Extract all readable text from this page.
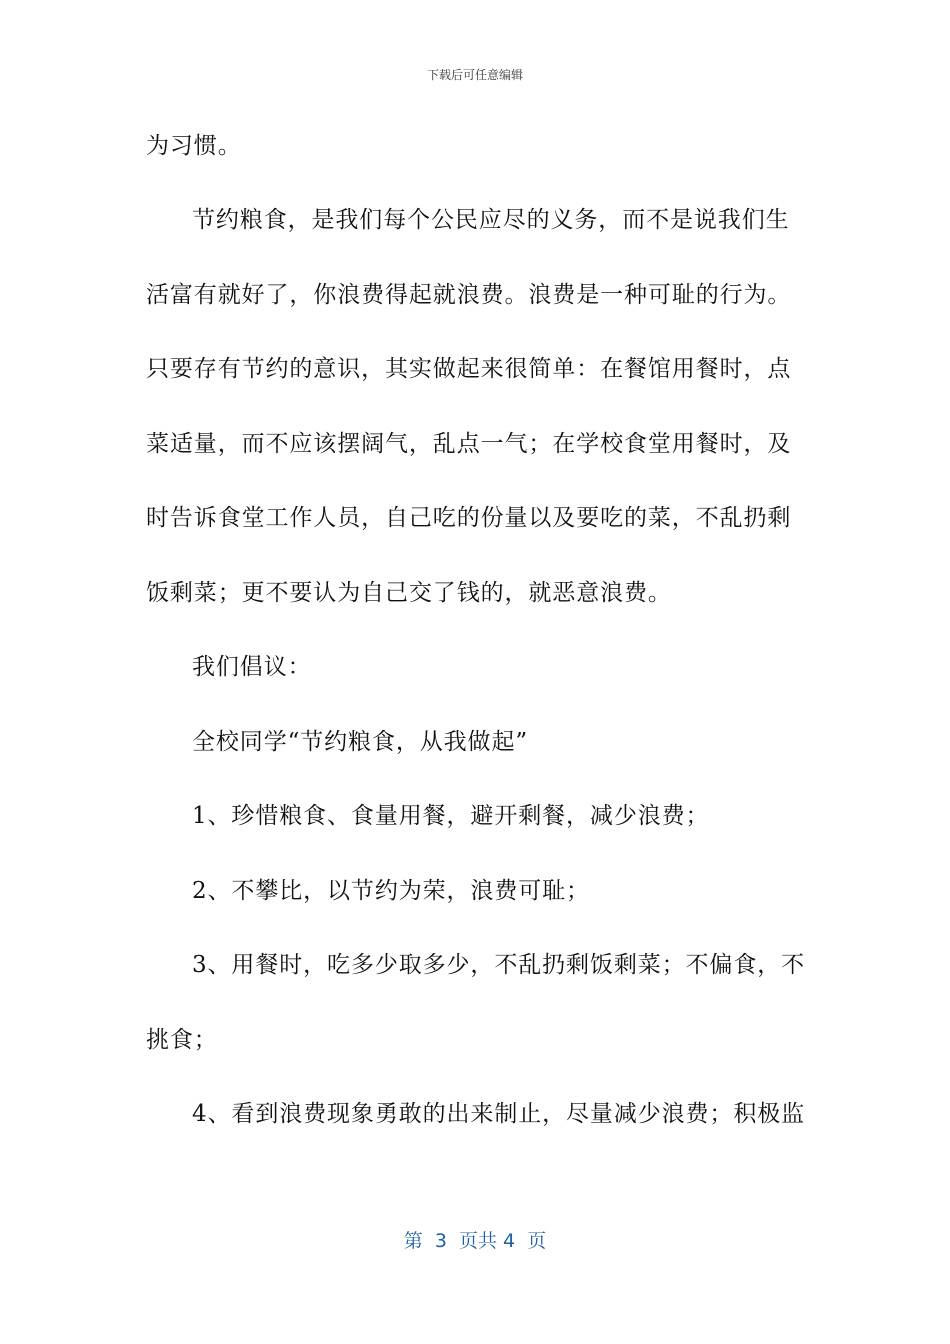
下载后可任意编辑
为习惯。
节约粮食，是我们每个公民应尽的义务，而不是说我们生
活富有就好了，你浪费得起就浪费。浪费是一种可耻的行为。
只要存有节约的意识，其实做起来很简单：在餐馆用餐时，点
菜适量，而不应该摆阔气，乱点一气；在学校食堂用餐时，及
时告诉食堂工作人员，自己吃的份量以及要吃的菜，不乱扔剩
饭剩菜；更不要认为自己交了钱的，就恶意浪费。
我们倡议：
全校同学“节约粮食，从我做起”
1、珍惜粮食、食量用餐，避开剩餐，减少浪费；
2、不攀比，以节约为荣，浪费可耻；
3、用餐时，吃多少取多少，不乱扔剩饭剩菜；不偏食，不
挑食；
4、看到浪费现象勇敢的出来制止，尽量减少浪费；积极监
第  3  页共 4  页
